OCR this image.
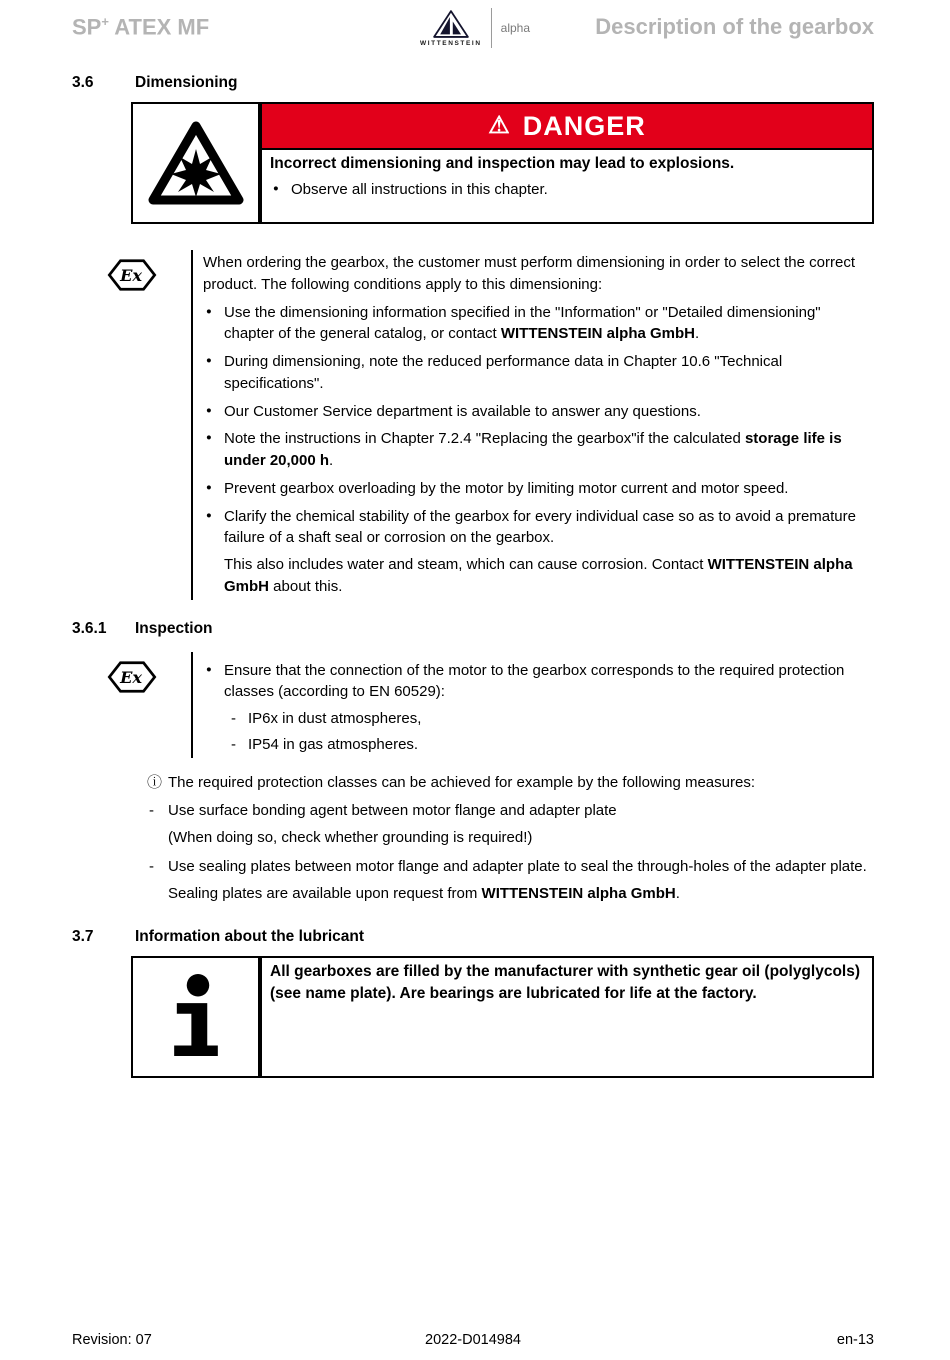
SP+ ATEX MF
WITTENSTEIN
alpha	Description of the gearbox
3.6	Dimensioning
⚠ DANGER

Incorrect dimensioning and inspection may lead to explosions.

● Observe all instructions in this chapter.
Ex

When ordering the gearbox, the customer must perform dimensioning in order to select the correct product. The following conditions apply to this dimensioning:

● Use the dimensioning information specified in the "Information" or "Detailed dimensioning" chapter of the general catalog, or contact WITTENSTEIN alpha GmbH.
● During dimensioning, note the reduced performance data in Chapter 10.6 "Technical specifications".
● Our Customer Service department is available to answer any questions.
● Note the instructions in Chapter 7.2.4 "Replacing the gearbox"if the calculated storage life is under 20,000 h.
● Prevent gearbox overloading by the motor by limiting motor current and motor speed.
● Clarify the chemical stability of the gearbox for every individual case so as to avoid a premature failure of a shaft seal or corrosion on the gearbox.
This also includes water and steam, which can cause corrosion. Contact WITTENSTEIN alpha GmbH about this.
3.6.1	Inspection
Ex	● Ensure that the connection of the motor to the gearbox corresponds to the required protection classes (according to EN 60529):
- IP6x in dust atmospheres,
- IP54 in gas atmospheres.
ⓘ The required protection classes can be achieved for example by the following measures:
- Use surface bonding agent between motor flange and adapter plate
(When doing so, check whether grounding is required!)
- Use sealing plates between motor flange and adapter plate to seal the through-holes of the adapter plate.
Sealing plates are available upon request from WITTENSTEIN alpha GmbH.
3.7	Information about the lubricant
All gearboxes are filled by the manufacturer with synthetic gear oil (polyglycols) (see name plate). Are bearings are lubricated for life at the factory.
Revision: 07	2022-D014984	en-13
